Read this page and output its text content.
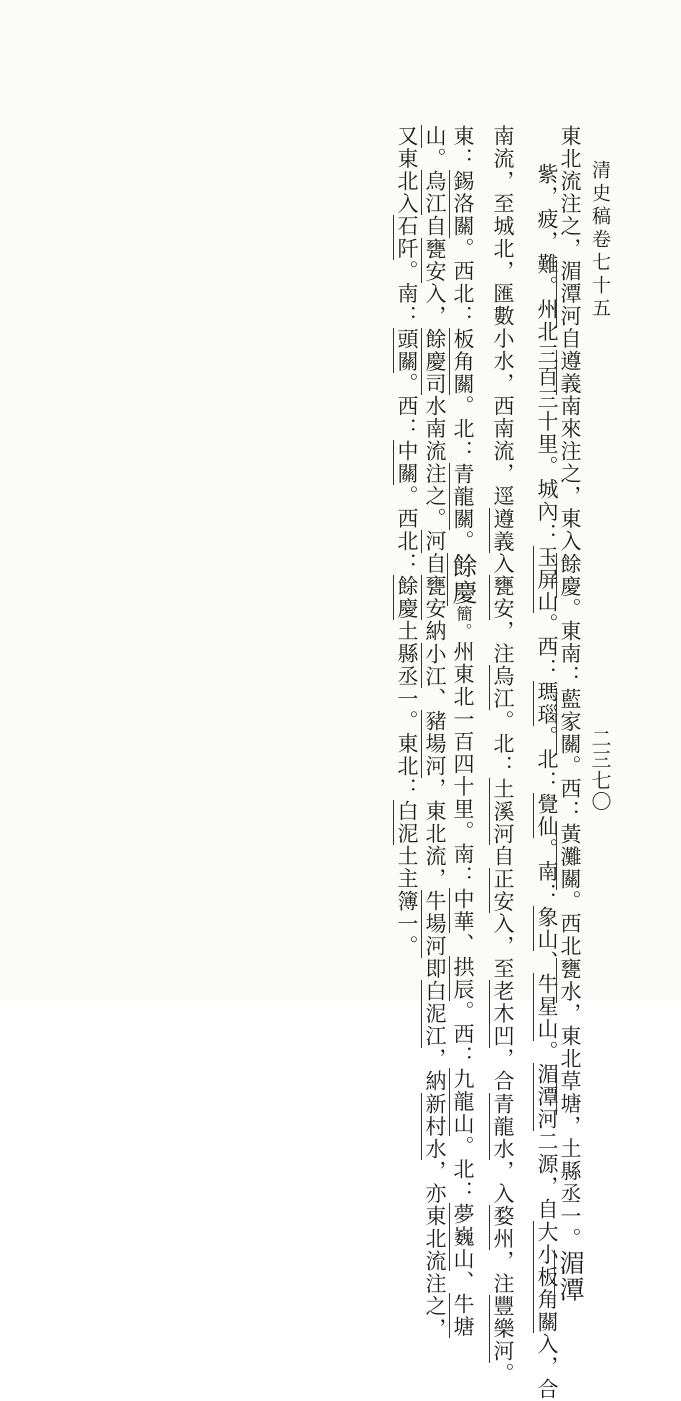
清史稿卷七十五
二三七〇
紫，疲，難。州北三百三十里。城內：玉屏山。西：瑪瑙。北：覺仙。南：象山、牛星山。湄潭河二源，自大小板角關入，合
東北流注之，湄潭河自遵義南來注之，東入餘慶。東南：藍家關。西：黃灘關。西北甕水，東北草塘，土縣丞一。湄潭
南流，至城北，匯數小水，西南流，逕遵義入甕安，注烏江。北：土溪河自正安入，至老木凹，合青龍水，入婺州，注豐樂河。
東：錫洛關。西北：板角關。北：青龍關。餘慶簡。州東北一百四十里。南：中華、拱辰。西：九龍山。北：夢巍山、牛塘
山。烏江自甕安入，餘慶司水南流注之。河自甕安納小江、豬場河，東北流，牛場河即白泥江，納新村水，亦東北流注之，
又東北入石阡。南：頭關。西：中關。西北：餘慶土縣丞一。東北：白泥土主簿一。
